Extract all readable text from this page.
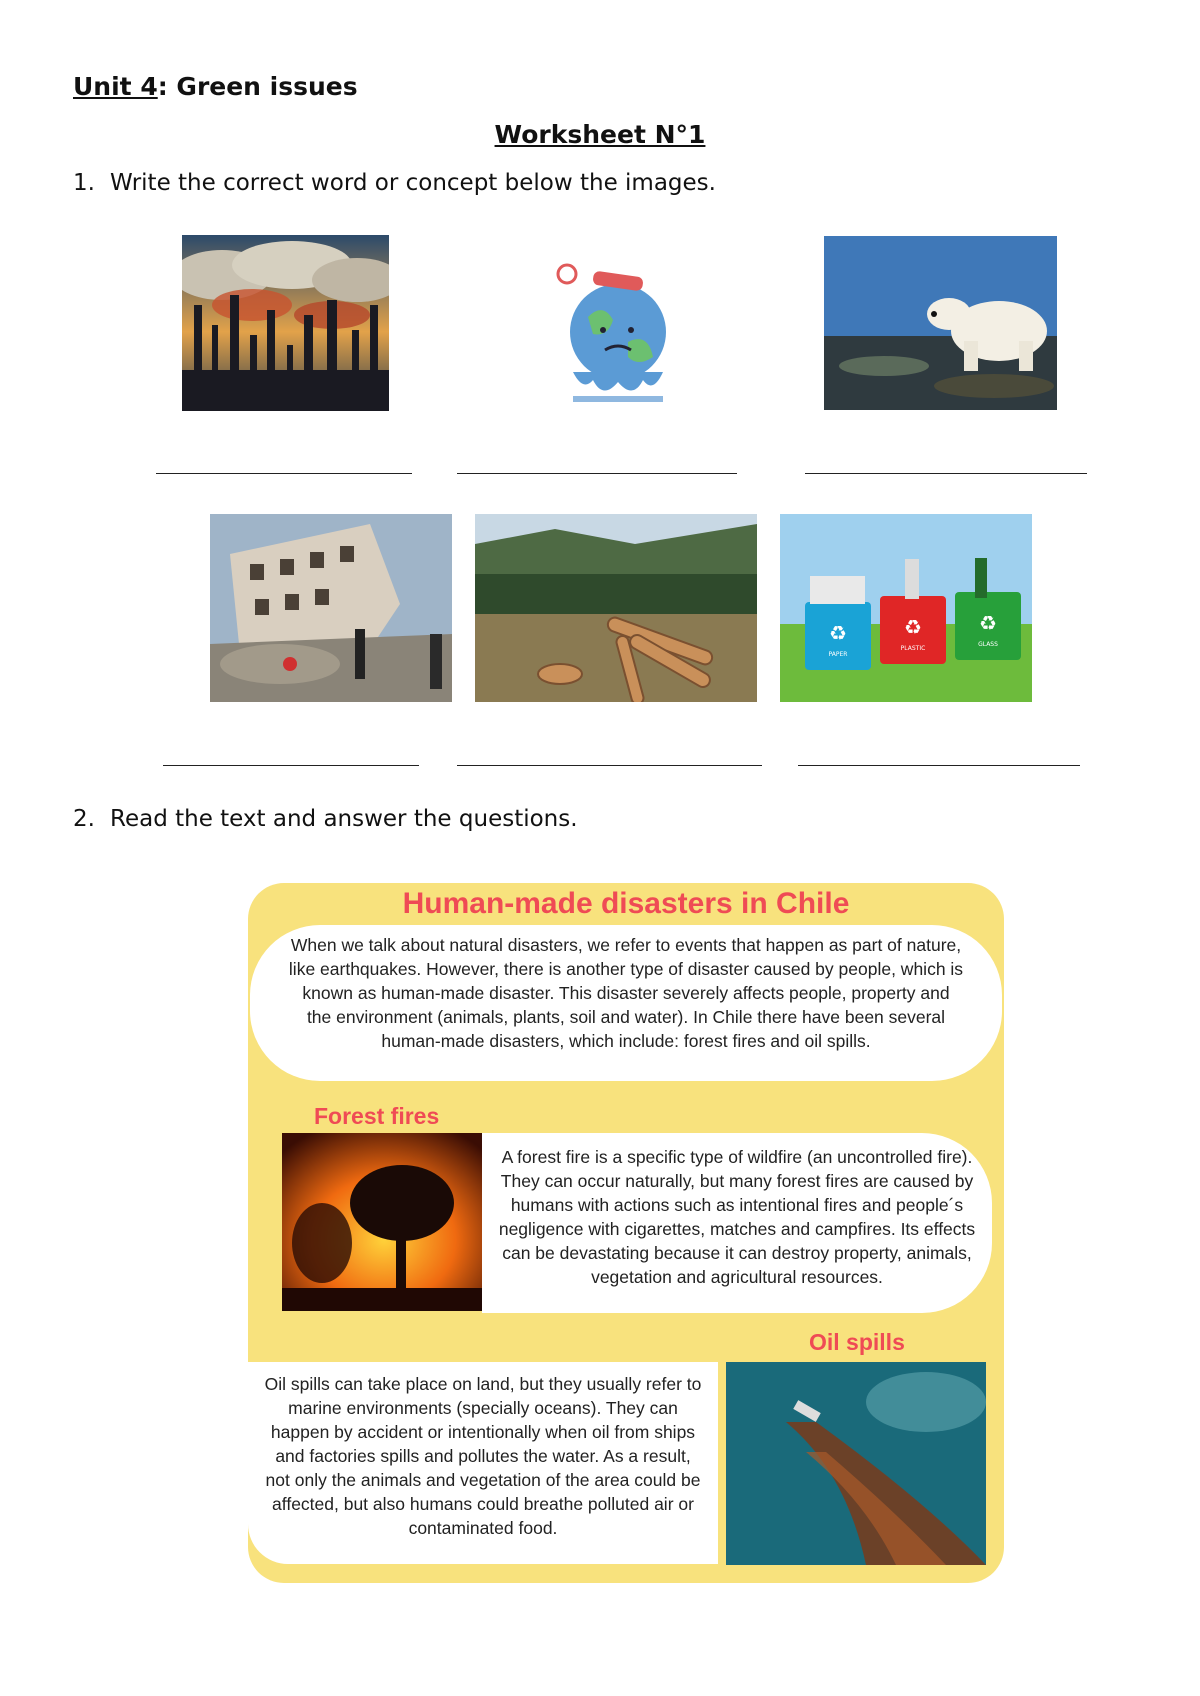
Unit 4: Green issues
Worksheet N°1
1. Write the correct word or concept below the images.
♻	♻	♻
PAPER
PLASTIC
GLASS
2. Read the text and answer the questions.
Human-made disasters in Chile
When we talk about natural disasters, we refer to events that happen as part of nature, like earthquakes. However, there is another type of disaster caused by people, which is known as human-made disaster. This disaster severely affects people, property and the environment (animals, plants, soil and water). In Chile there have been several human-made disasters, which include: forest fires and oil spills.
Forest fires
A forest fire is a specific type of wildfire (an uncontrolled fire). They can occur naturally, but many forest fires are caused by humans with actions such as intentional fires and people´s negligence with cigarettes, matches and campfires. Its effects can be devastating because it can destroy property, animals, vegetation and agricultural resources.
Oil spills
Oil spills can take place on land, but they usually refer to marine environments (specially oceans). They can happen by accident or intentionally when oil from ships and factories spills and pollutes the water. As a result, not only the animals and vegetation of the area could be affected, but also humans could breathe polluted air or contaminated food.
